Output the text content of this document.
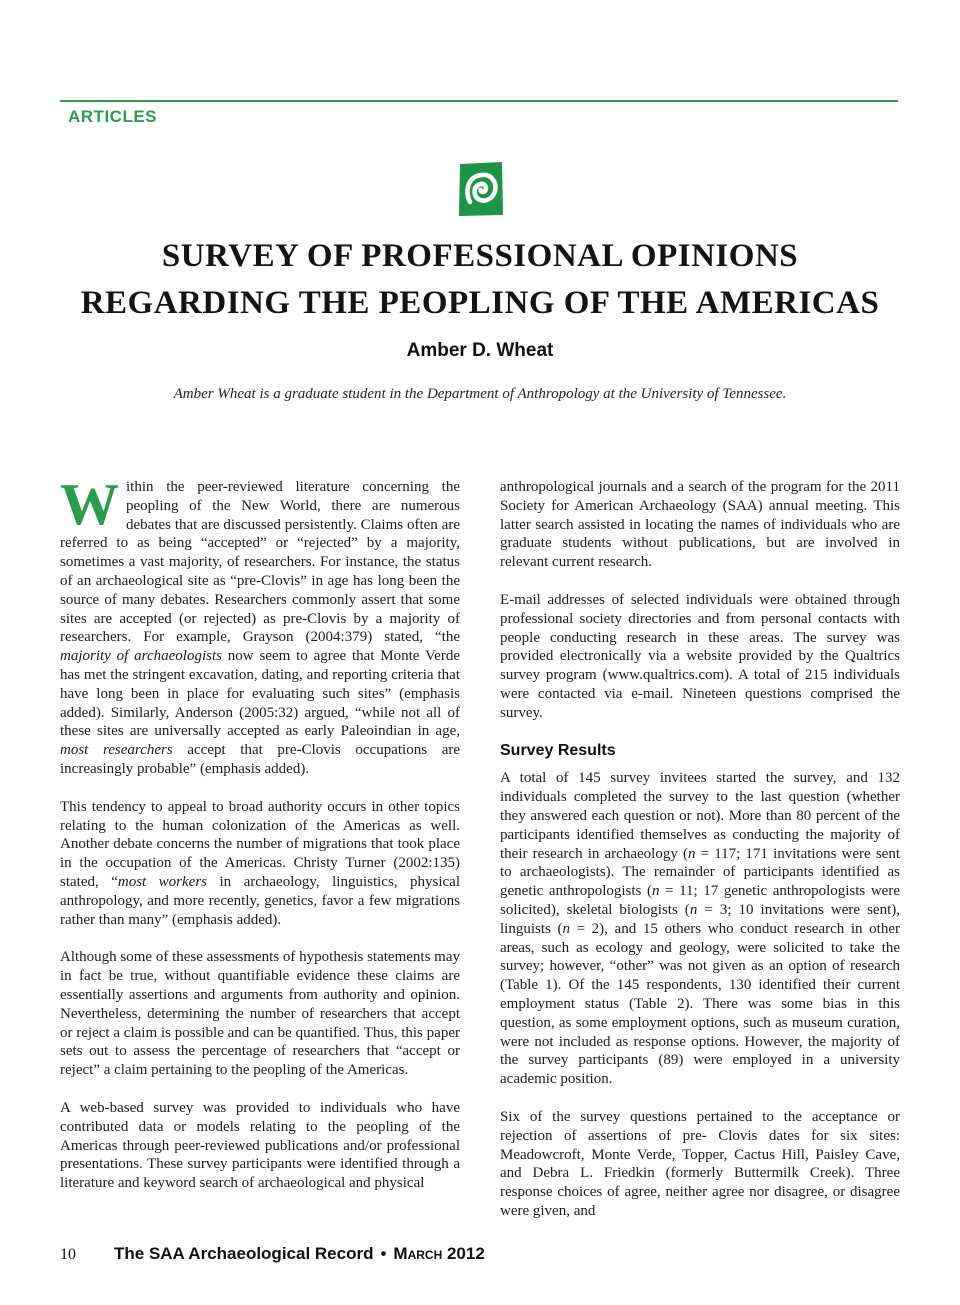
ARTICLES
SURVEY OF PROFESSIONAL OPINIONS
REGARDING THE PEOPLING OF THE AMERICAS
Amber D. Wheat
Amber Wheat is a graduate student in the Department of Anthropology at the University of Tennessee.

Within the peer-reviewed literature concerning the peopling of the New World, there are numerous debates that are discussed persistently. Claims often are referred to as being “accepted” or “rejected” by a majority, sometimes a vast majority, of researchers. For instance, the status of an archaeological site as “pre-Clovis” in age has long been the source of many debates. Researchers commonly assert that some sites are accepted (or rejected) as pre-Clovis by a majority of researchers. For example, Grayson (2004:379) stated, “the majority of archaeologists now seem to agree that Monte Verde has met the stringent excavation, dating, and reporting criteria that have long been in place for evaluating such sites” (emphasis added). Similarly, Anderson (2005:32) argued, “while not all of these sites are universally accepted as early Paleoindian in age, most researchers accept that pre-Clovis occupations are increasingly probable” (emphasis added).

This tendency to appeal to broad authority occurs in other topics relating to the human colonization of the Americas as well. Another debate concerns the number of migrations that took place in the occupation of the Americas. Christy Turner (2002:135) stated, “most workers in archaeology, linguistics, physical anthropology, and more recently, genetics, favor a few migrations rather than many” (emphasis added).

Although some of these assessments of hypothesis statements may in fact be true, without quantifiable evidence these claims are essentially assertions and arguments from authority and opinion. Nevertheless, determining the number of researchers that accept or reject a claim is possible and can be quantified. Thus, this paper sets out to assess the percentage of researchers that “accept or reject” a claim pertaining to the peopling of the Americas.

A web-based survey was provided to individuals who have contributed data or models relating to the peopling of the Americas through peer-reviewed publications and/or professional presentations. These survey participants were identified through a literature and keyword search of archaeological and physical

anthropological journals and a search of the program for the 2011 Society for American Archaeology (SAA) annual meeting. This latter search assisted in locating the names of individuals who are graduate students without publications, but are involved in relevant current research.

E-mail addresses of selected individuals were obtained through professional society directories and from personal contacts with people conducting research in these areas. The survey was provided electronically via a website provided by the Qualtrics survey program (www.qualtrics.com). A total of 215 individuals were contacted via e-mail. Nineteen questions comprised the survey.

Survey Results

A total of 145 survey invitees started the survey, and 132 individuals completed the survey to the last question (whether they answered each question or not). More than 80 percent of the participants identified themselves as conducting the majority of their research in archaeology (n = 117; 171 invitations were sent to archaeologists). The remainder of participants identified as genetic anthropologists (n = 11; 17 genetic anthropologists were solicited), skeletal biologists (n = 3; 10 invitations were sent), linguists (n = 2), and 15 others who conduct research in other areas, such as ecology and geology, were solicited to take the survey; however, “other” was not given as an option of research (Table 1). Of the 145 respondents, 130 identified their current employment status (Table 2). There was some bias in this question, as some employment options, such as museum curation, were not included as response options. However, the majority of the survey participants (89) were employed in a university academic position.

Six of the survey questions pertained to the acceptance or rejection of assertions of pre- Clovis dates for six sites: Meadowcroft, Monte Verde, Topper, Cactus Hill, Paisley Cave, and Debra L. Friedkin (formerly Buttermilk Creek). Three response choices of agree, neither agree nor disagree, or disagree were given, and

10 The SAA Archaeological Record • March 2012
